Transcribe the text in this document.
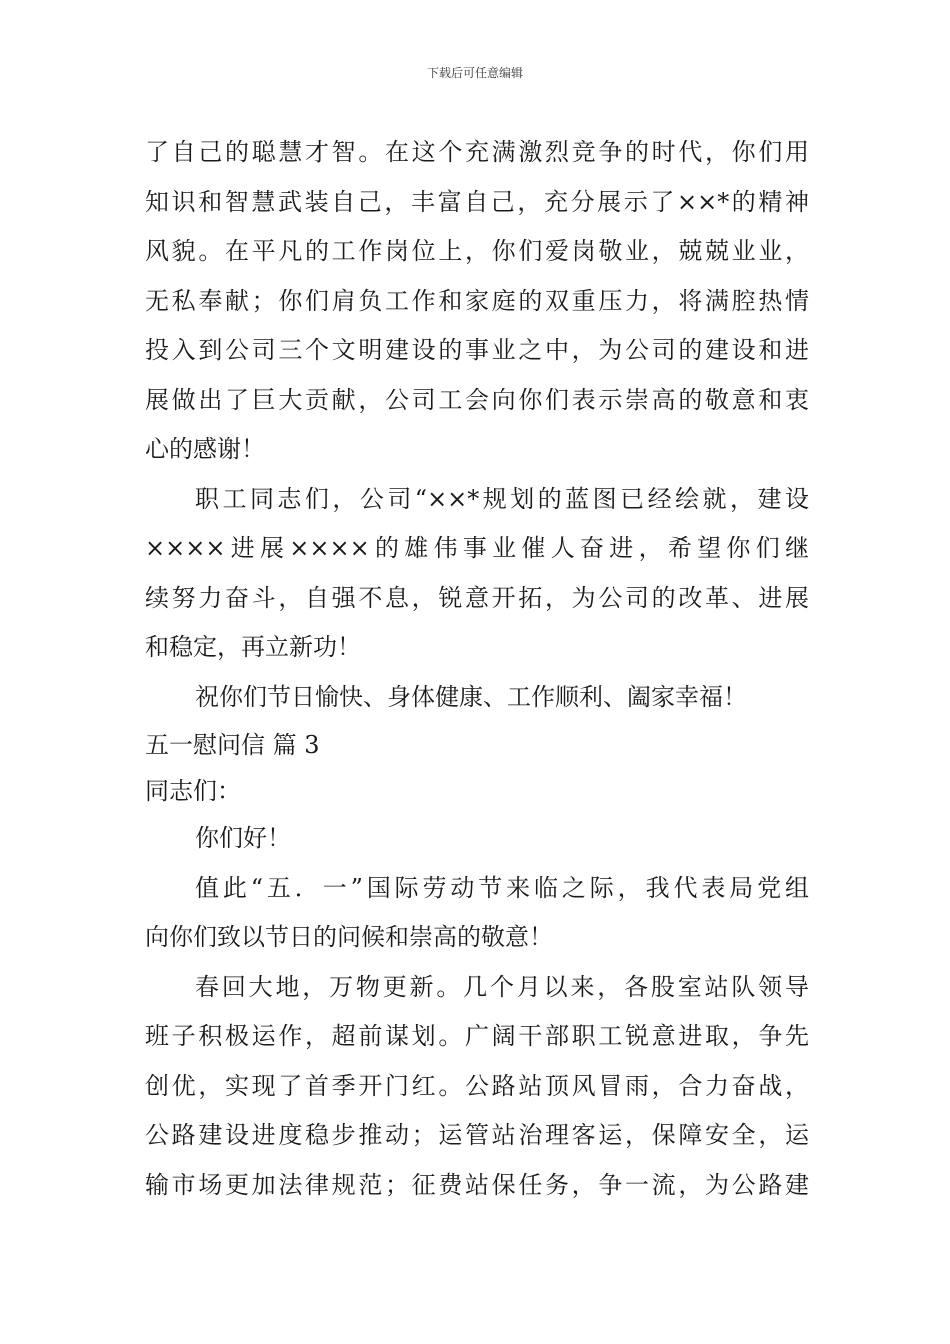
下载后可任意编辑
了自己的聪慧才智。在这个充满激烈竞争的时代，你们用
知识和智慧武装自己，丰富自己，充分展示了××*的精神
风貌。在平凡的工作岗位上，你们爱岗敬业，兢兢业业，
无私奉献；你们肩负工作和家庭的双重压力，将满腔热情
投入到公司三个文明建设的事业之中，为公司的建设和进
展做出了巨大贡献，公司工会向你们表示崇高的敬意和衷
心的感谢！
职工同志们，公司“××*规划的蓝图已经绘就，建设
××××进展××××的雄伟事业催人奋进，希望你们继
续努力奋斗，自强不息，锐意开拓，为公司的改革、进展
和稳定，再立新功！
祝你们节日愉快、身体健康、工作顺利、阖家幸福！
五一慰问信 篇 3
同志们：
你们好！
值此“五．一”国际劳动节来临之际，我代表局党组
向你们致以节日的问候和崇高的敬意！
春回大地，万物更新。几个月以来，各股室站队领导
班子积极运作，超前谋划。广阔干部职工锐意进取，争先
创优，实现了首季开门红。公路站顶风冒雨，合力奋战，
公路建设进度稳步推动；运管站治理客运，保障安全，运
输市场更加法律规范；征费站保任务，争一流，为公路建
